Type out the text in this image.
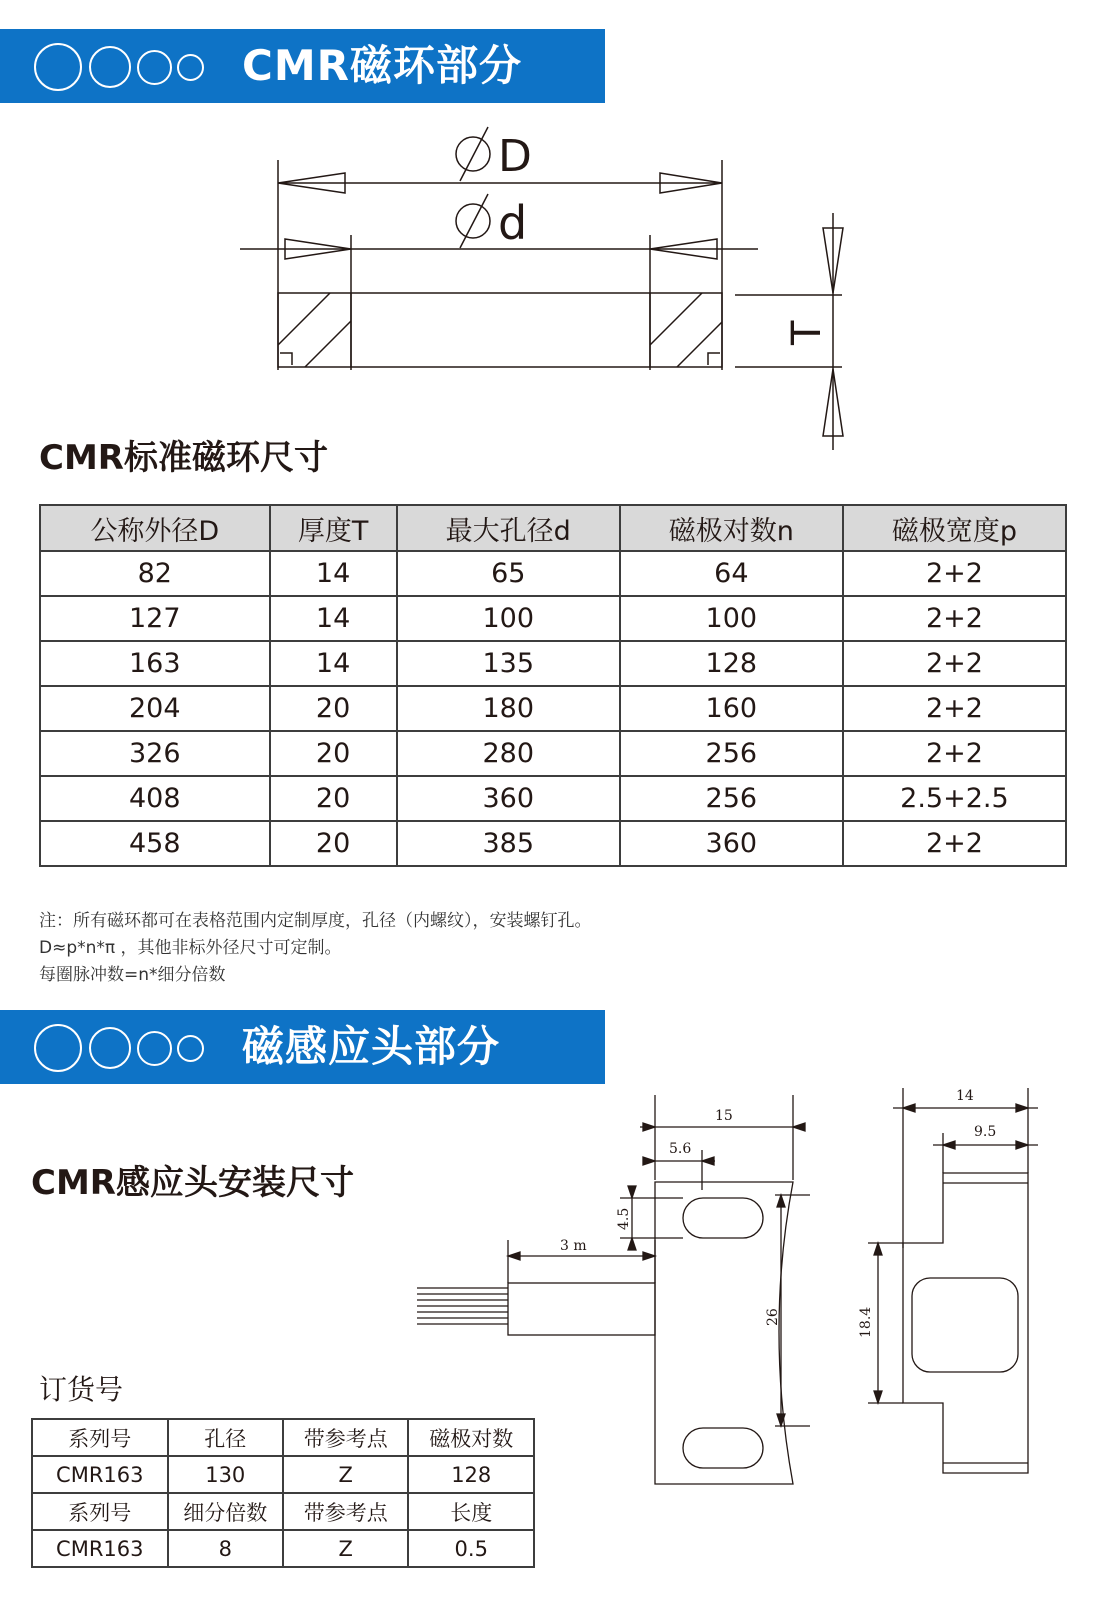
CMR磁环部分
D
d
T
CMR标准磁环尺寸
公称外径D	厚度T	最大孔径d	磁极对数n	磁极宽度p
82	14	65	64	2+2
127	14	100	100	2+2
163	14	135	128	2+2
204	20	180	160	2+2
326	20	280	256	2+2
408	20	360	256	2.5+2.5
458	20	385	360	2+2
注：所有磁环都可在表格范围内定制厚度，孔径（内螺纹），安装螺钉孔。
D≈p*n*π ，其他非标外径尺寸可定制。
每圈脉冲数=n*细分倍数
磁感应头部分
CMR感应头安装尺寸
15
5.6
4.5
3 m
26
14
9.5
18.4
订货号
系列号	孔径	带参考点	磁极对数
CMR163	130	Z	128
系列号	细分倍数	带参考点	长度
CMR163	8	Z	0.5
